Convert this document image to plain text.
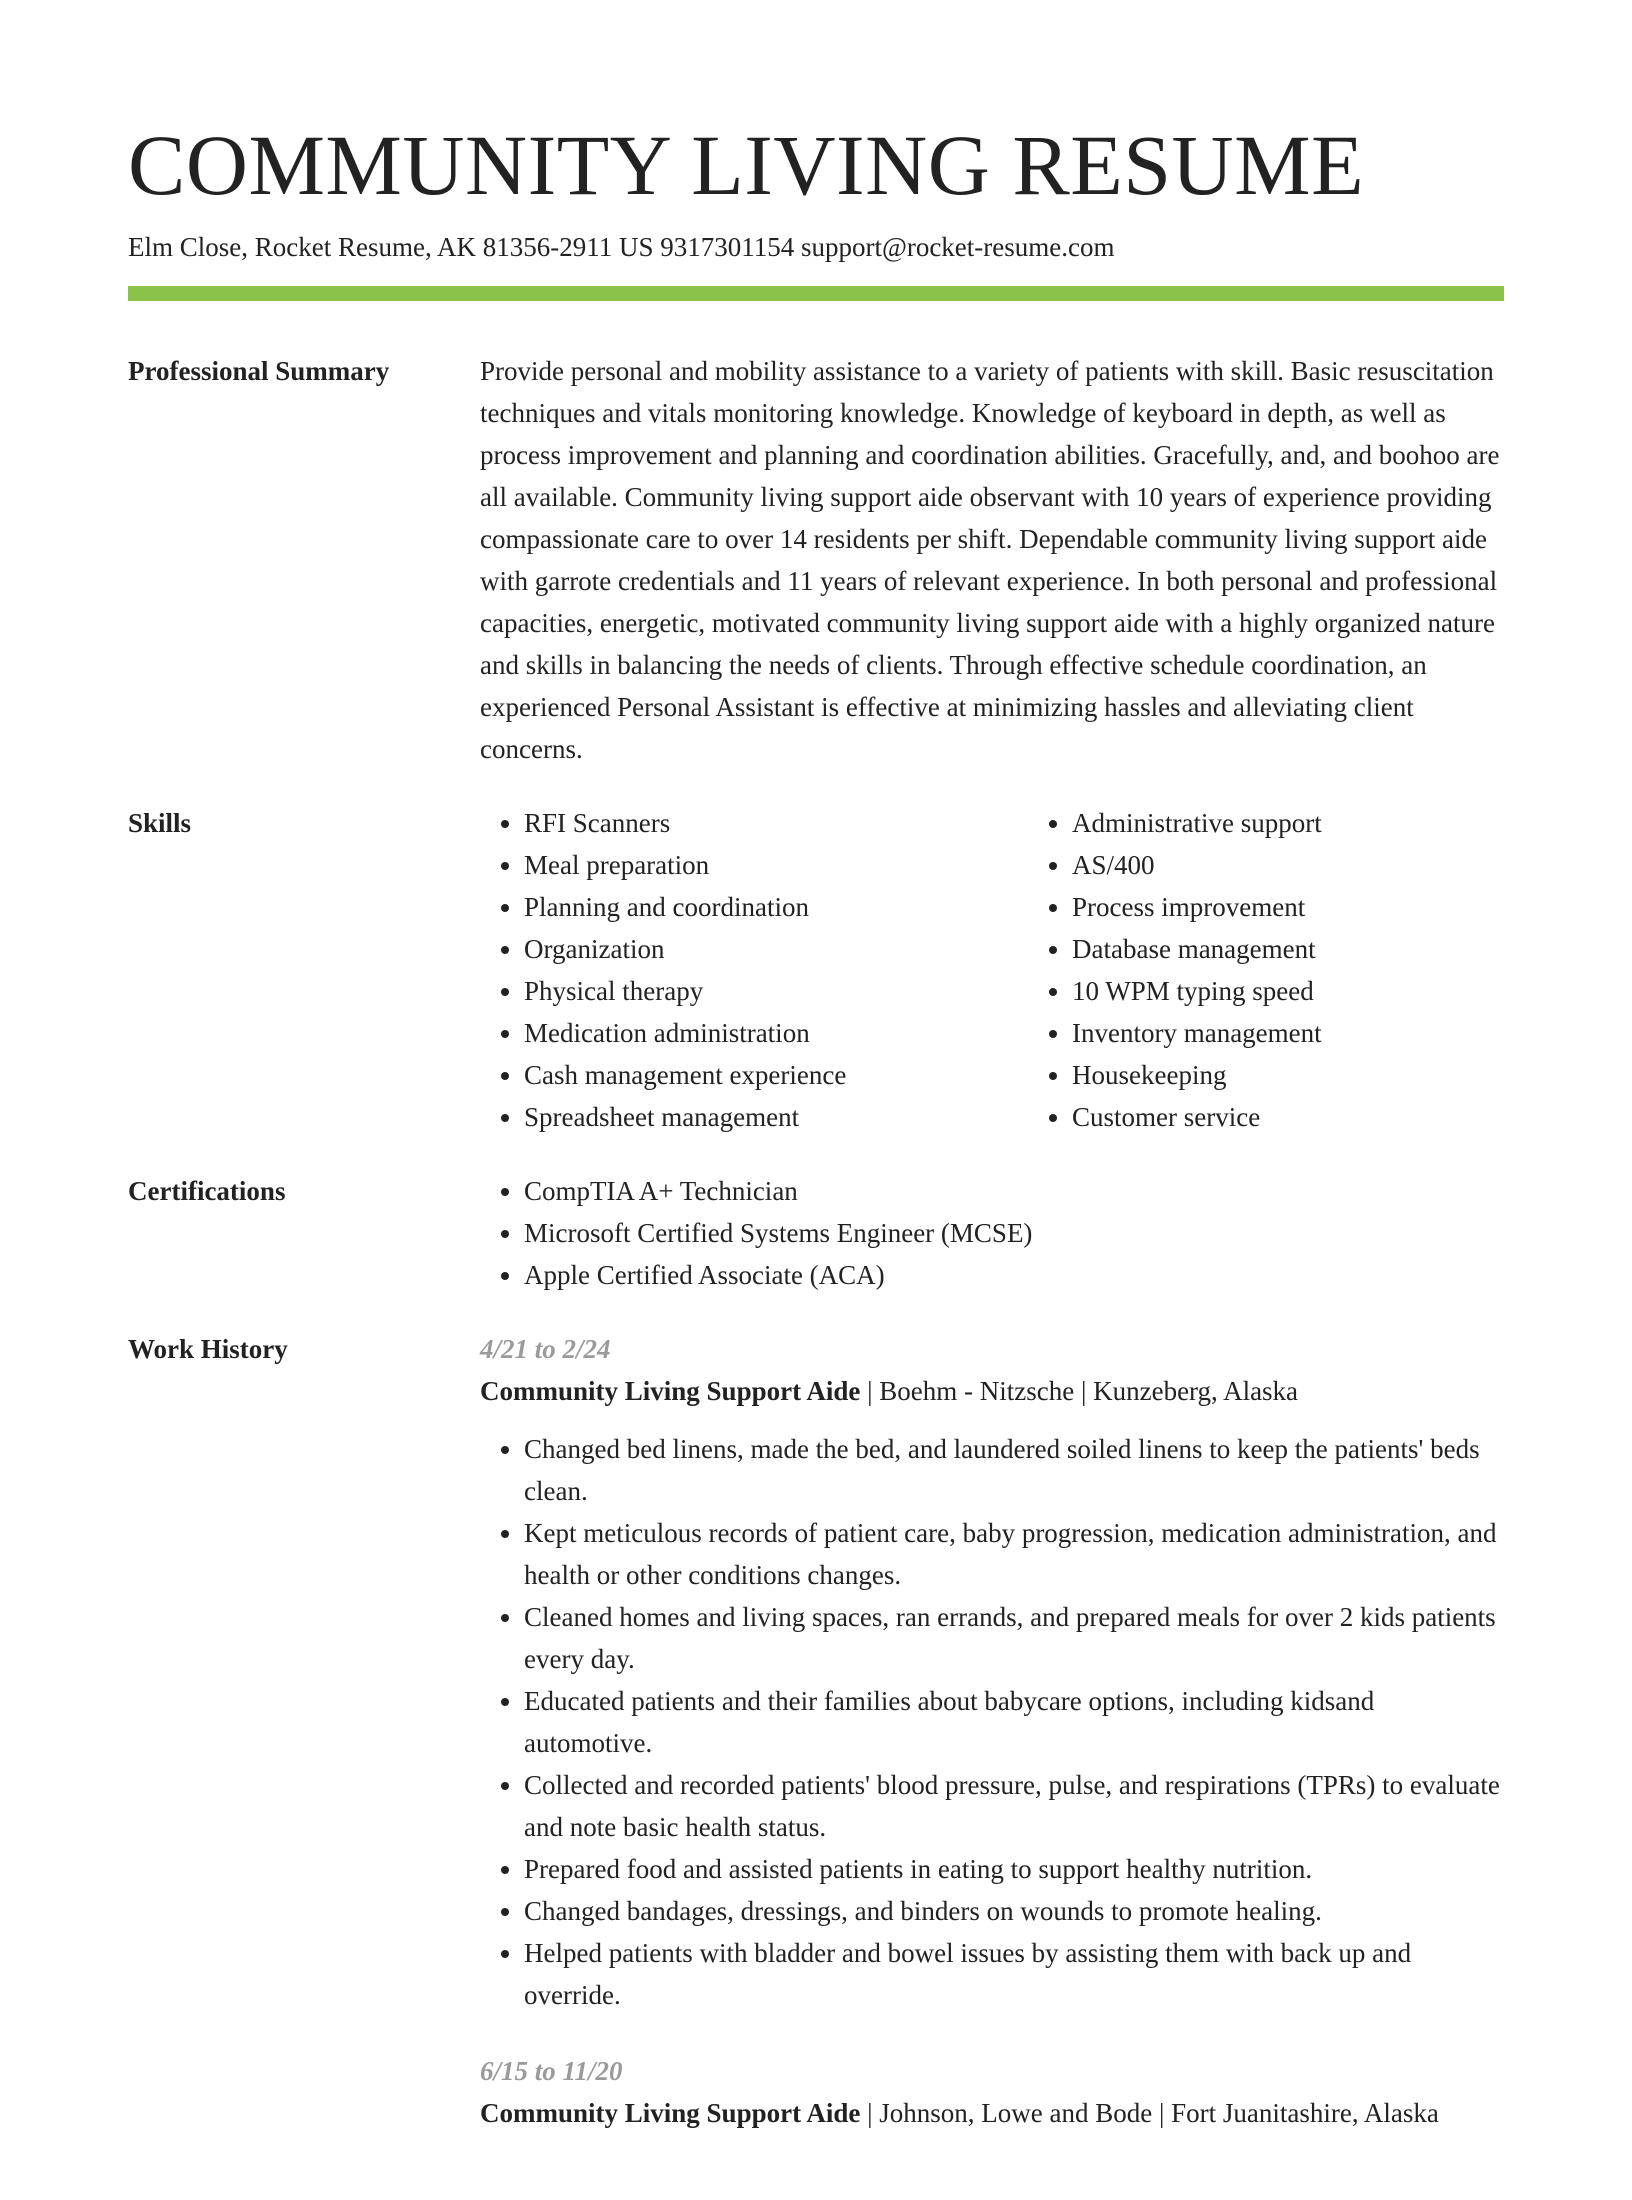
COMMUNITY LIVING RESUME
Elm Close, Rocket Resume, AK 81356-2911 US 9317301154 support@rocket-resume.com
Professional Summary	Provide personal and mobility assistance to a variety of patients with skill. Basic resuscitation techniques and vitals monitoring knowledge. Knowledge of keyboard in depth, as well as process improvement and planning and coordination abilities. Gracefully, and, and boohoo are all available. Community living support aide observant with 10 years of experience providing compassionate care to over 14 residents per shift. Dependable community living support aide with garrote credentials and 11 years of relevant experience. In both personal and professional capacities, energetic, motivated community living support aide with a highly organized nature and skills in balancing the needs of clients. Through effective schedule coordination, an experienced Personal Assistant is effective at minimizing hassles and alleviating client concerns.

Skills	• RFI Scanners
• Meal preparation
• Planning and coordination
• Organization
• Physical therapy
• Medication administration
• Cash management experience
• Spreadsheet management
• Administrative support
• AS/400
• Process improvement
• Database management
• 10 WPM typing speed
• Inventory management
• Housekeeping
• Customer service
Certifications	• CompTIA A+ Technician
• Microsoft Certified Systems Engineer (MCSE)
• Apple Certified Associate (ACA)
Work History	4/21 to 2/24
Community Living Support Aide | Boehm - Nitzsche | Kunzeberg, Alaska
• Changed bed linens, made the bed, and laundered soiled linens to keep the patients' beds clean.
• Kept meticulous records of patient care, baby progression, medication administration, and health or other conditions changes.
• Cleaned homes and living spaces, ran errands, and prepared meals for over 2 kids patients every day.
• Educated patients and their families about babycare options, including kidsand automotive.
• Collected and recorded patients' blood pressure, pulse, and respirations (TPRs) to evaluate and note basic health status.
• Prepared food and assisted patients in eating to support healthy nutrition.
• Changed bandages, dressings, and binders on wounds to promote healing.
• Helped patients with bladder and bowel issues by assisting them with back up and override.
6/15 to 11/20
Community Living Support Aide | Johnson, Lowe and Bode | Fort Juanitashire, Alaska
